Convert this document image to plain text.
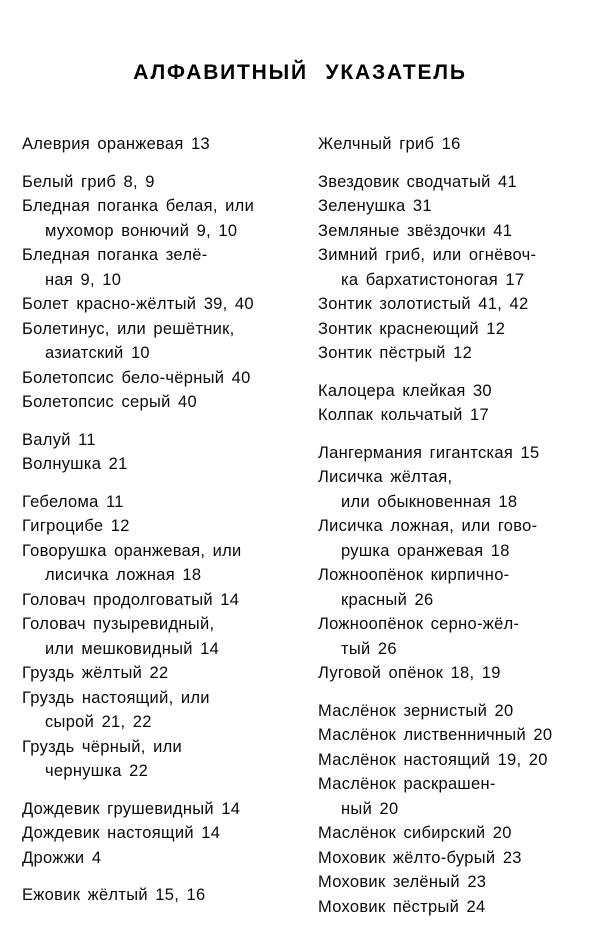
АЛФАВИТНЫЙ УКАЗАТЕЛЬ
Алеврия оранжевая 13
Белый гриб 8, 9
Бледная поганка белая, или
мухомор вонючий 9, 10
Бледная поганка зелё-
ная 9, 10
Болет красно-жёлтый 39, 40
Болетинус, или решётник,
азиатский 10
Болетопсис бело-чёрный 40
Болетопсис серый 40
Валуй 11
Волнушка 21
Гебелома 11
Гигроцибе 12
Говорушка оранжевая, или
лисичка ложная 18
Головач продолговатый 14
Головач пузыревидный,
или мешковидный 14
Груздь жёлтый 22
Груздь настоящий, или
сырой 21, 22
Груздь чёрный, или
чернушка 22
Дождевик грушевидный 14
Дождевик настоящий 14
Дрожжи 4
Ежовик жёлтый 15, 16
Желчный гриб 16
Звездовик сводчатый 41
Зеленушка 31
Земляные звёздочки 41
Зимний гриб, или огнёвоч-
ка бархатистоногая 17
Зонтик золотистый 41, 42
Зонтик краснеющий 12
Зонтик пёстрый 12
Калоцера клейкая 30
Колпак кольчатый 17
Лангермания гигантская 15
Лисичка жёлтая,
или обыкновенная 18
Лисичка ложная, или гово-
рушка оранжевая 18
Ложноопёнок кирпично-
красный 26
Ложноопёнок серно-жёл-
тый 26
Луговой опёнок 18, 19
Маслёнок зернистый 20
Маслёнок лиственничный 20
Маслёнок настоящий 19, 20
Маслёнок раскрашен-
ный 20
Маслёнок сибирский 20
Моховик жёлто-бурый 23
Моховик зелёный 23
Моховик пёстрый 24
